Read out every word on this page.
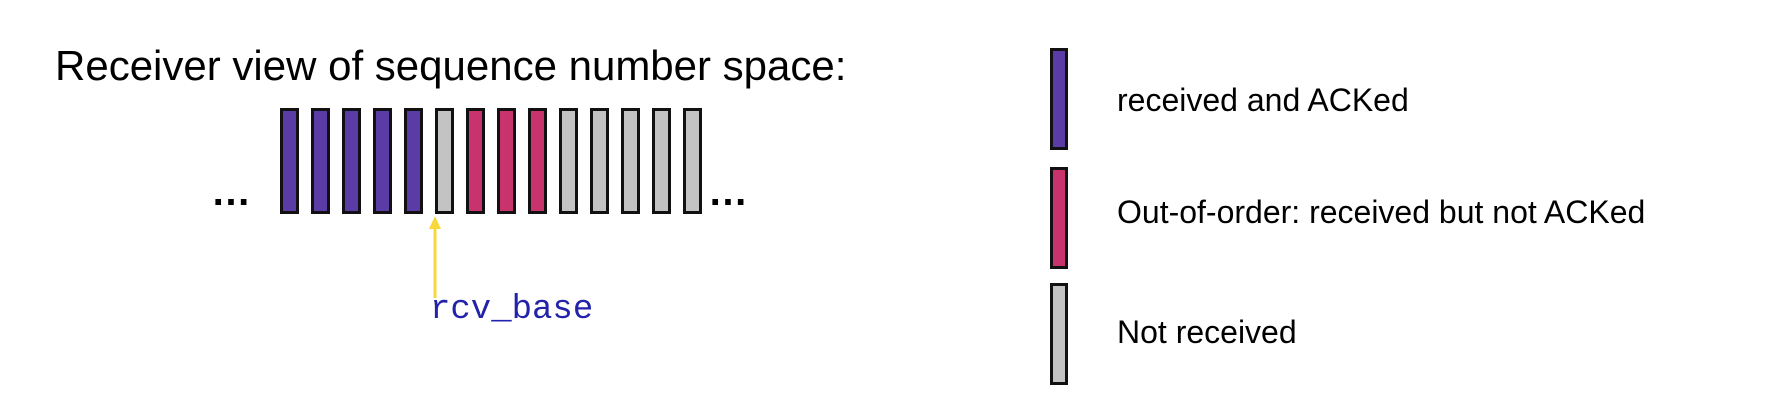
Receiver view of sequence number space:
…	…
rcv_base
received and ACKed
Out-of-order: received but not ACKed
Not received
